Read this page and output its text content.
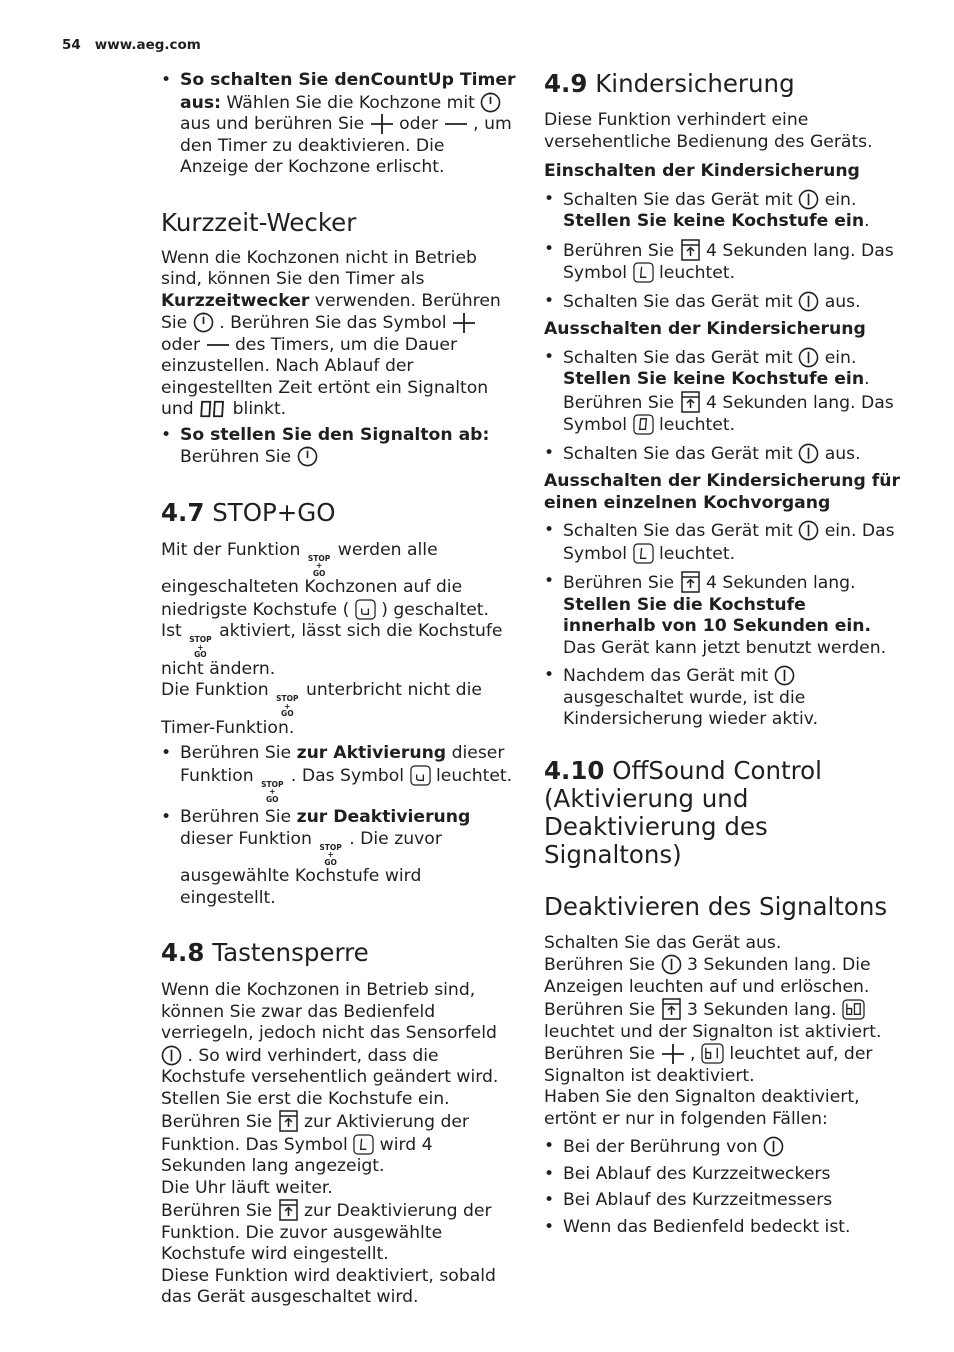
54 www.aeg.com
• So schalten Sie denCountUp Timer aus: Wählen Sie die Kochzone mit  aus und berühren Sie  oder  , um den Timer zu deaktivieren. Die Anzeige der Kochzone erlischt.
Kurzzeit-Wecker

Wenn die Kochzonen nicht in Betrieb sind, können Sie den Timer als Kurzzeitwecker verwenden. Berühren Sie  . Berühren Sie das Symbol  oder  des Timers, um die Dauer einzustellen. Nach Ablauf der eingestellten Zeit ertönt ein Signalton und  blinkt.

• So stellen Sie den Signalton ab: Berühren Sie
4.7 STOP+GO

Mit der Funktion STOP
+
GO
werden alle eingeschalteten Kochzonen auf die niedrigste Kochstufe (  ) geschaltet.

Ist STOP
+
GO
aktiviert, lässt sich die Kochstufe nicht ändern.

Die Funktion STOP
+
GO
unterbricht nicht die Timer-Funktion.

• Berühren Sie zur Aktivierung dieser Funktion STOP
+
GO
. Das Symbol  leuchtet.
• Berühren Sie zur Deaktivierung dieser Funktion STOP
+
GO
. Die zuvor ausgewählte Kochstufe wird eingestellt.
4.8 Tastensperre

Wenn die Kochzonen in Betrieb sind, können Sie zwar das Bedienfeld verriegeln, jedoch nicht das Sensorfeld  . So wird verhindert, dass die Kochstufe versehentlich geändert wird.

Stellen Sie erst die Kochstufe ein.

Berühren Sie  zur Aktivierung der Funktion. Das Symbol  wird 4 Sekunden lang angezeigt.

Die Uhr läuft weiter.

Berühren Sie  zur Deaktivierung der Funktion. Die zuvor ausgewählte Kochstufe wird eingestellt.

Diese Funktion wird deaktiviert, sobald das Gerät ausgeschaltet wird.

4.9 Kindersicherung

Diese Funktion verhindert eine versehentliche Bedienung des Geräts.

Einschalten der Kindersicherung

• Schalten Sie das Gerät mit  ein. Stellen Sie keine Kochstufe ein.
• Berühren Sie  4 Sekunden lang. Das Symbol  leuchtet.
• Schalten Sie das Gerät mit  aus.

Ausschalten der Kindersicherung

• Schalten Sie das Gerät mit  ein. Stellen Sie keine Kochstufe ein. Berühren Sie  4 Sekunden lang. Das Symbol  leuchtet.
• Schalten Sie das Gerät mit  aus.

Ausschalten der Kindersicherung für einen einzelnen Kochvorgang

• Schalten Sie das Gerät mit  ein. Das Symbol  leuchtet.
• Berühren Sie  4 Sekunden lang. Stellen Sie die Kochstufe innerhalb von 10 Sekunden ein. Das Gerät kann jetzt benutzt werden.
• Nachdem das Gerät mit  ausgeschaltet wurde, ist die Kindersicherung wieder aktiv.
4.10 OffSound Control (Aktivierung und Deaktivierung des Signaltons)
Deaktivieren des Signaltons

Schalten Sie das Gerät aus.

Berühren Sie  3 Sekunden lang. Die Anzeigen leuchten auf und erlöschen.

Berühren Sie  3 Sekunden lang.  leuchtet und der Signalton ist aktiviert.

Berühren Sie  ,  leuchtet auf, der Signalton ist deaktiviert.

Haben Sie den Signalton deaktiviert, ertönt er nur in folgenden Fällen:

• Bei der Berührung von
• Bei Ablauf des Kurzzeitweckers
• Bei Ablauf des Kurzzeitmessers
• Wenn das Bedienfeld bedeckt ist.
